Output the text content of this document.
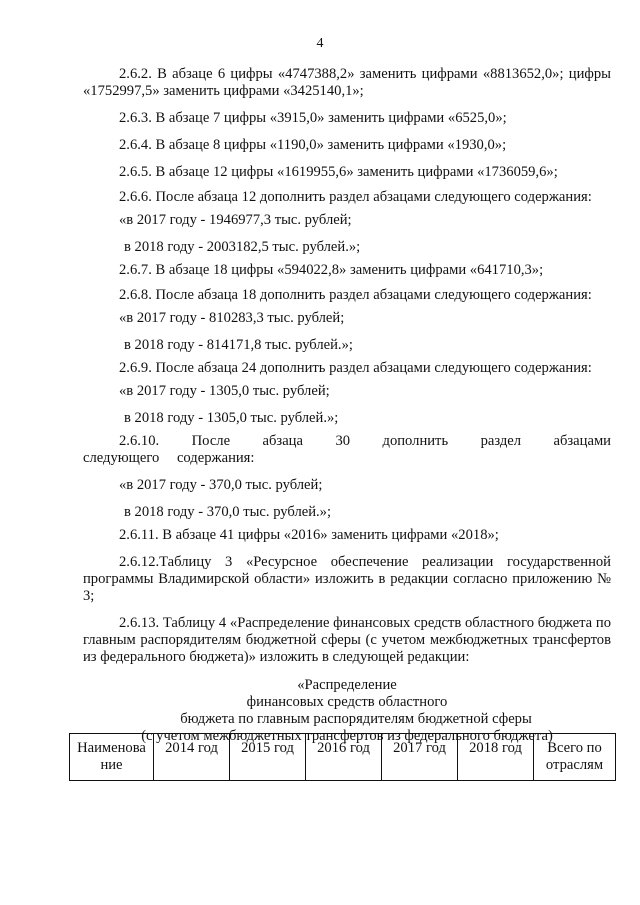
4

2.6.2. В абзаце 6 цифры «4747388,2» заменить цифрами «8813652,0»; цифры «1752997,5» заменить цифрами «3425140,1»;

2.6.3. В абзаце 7 цифры «3915,0» заменить цифрами «6525,0»;

2.6.4. В абзаце 8 цифры «1190,0» заменить цифрами «1930,0»;

2.6.5. В абзаце 12 цифры «1619955,6» заменить цифрами «1736059,6»;

2.6.6. После абзаца 12 дополнить раздел абзацами следующего содержания:

«в 2017 году - 1946977,3 тыс. рублей;

в 2018 году - 2003182,5 тыс. рублей.»;

2.6.7. В абзаце 18 цифры «594022,8» заменить цифрами «641710,3»;

2.6.8. После абзаца 18 дополнить раздел абзацами следующего содержания:

«в 2017 году - 810283,3 тыс. рублей;

в 2018 году - 814171,8 тыс. рублей.»;

2.6.9. После абзаца 24 дополнить раздел абзацами следующего содержания:

«в 2017 году - 1305,0 тыс. рублей;

в 2018 году - 1305,0 тыс. рублей.»;

2.6.10. После абзаца 30 дополнить раздел абзацами следующего содержания:

«в 2017 году - 370,0 тыс. рублей;

в 2018 году - 370,0 тыс. рублей.»;

2.6.11. В абзаце 41 цифры «2016» заменить цифрами «2018»;

2.6.12.Таблицу 3 «Ресурсное обеспечение реализации государственной программы Владимирской области» изложить в редакции согласно приложению № 3;

2.6.13. Таблицу 4 «Распределение финансовых средств областного бюджета по главным распорядителям бюджетной сферы (с учетом межбюджетных трансфертов из федерального бюджета)» изложить в следующей редакции:

«Распределение
финансовых средств областного
бюджета по главным распорядителям бюджетной сферы
(с учетом межбюджетных трансфертов из федерального бюджета)
Наименова ние	2014 год	2015 год	2016 год	2017 год	2018 год	Всего по отраслям
